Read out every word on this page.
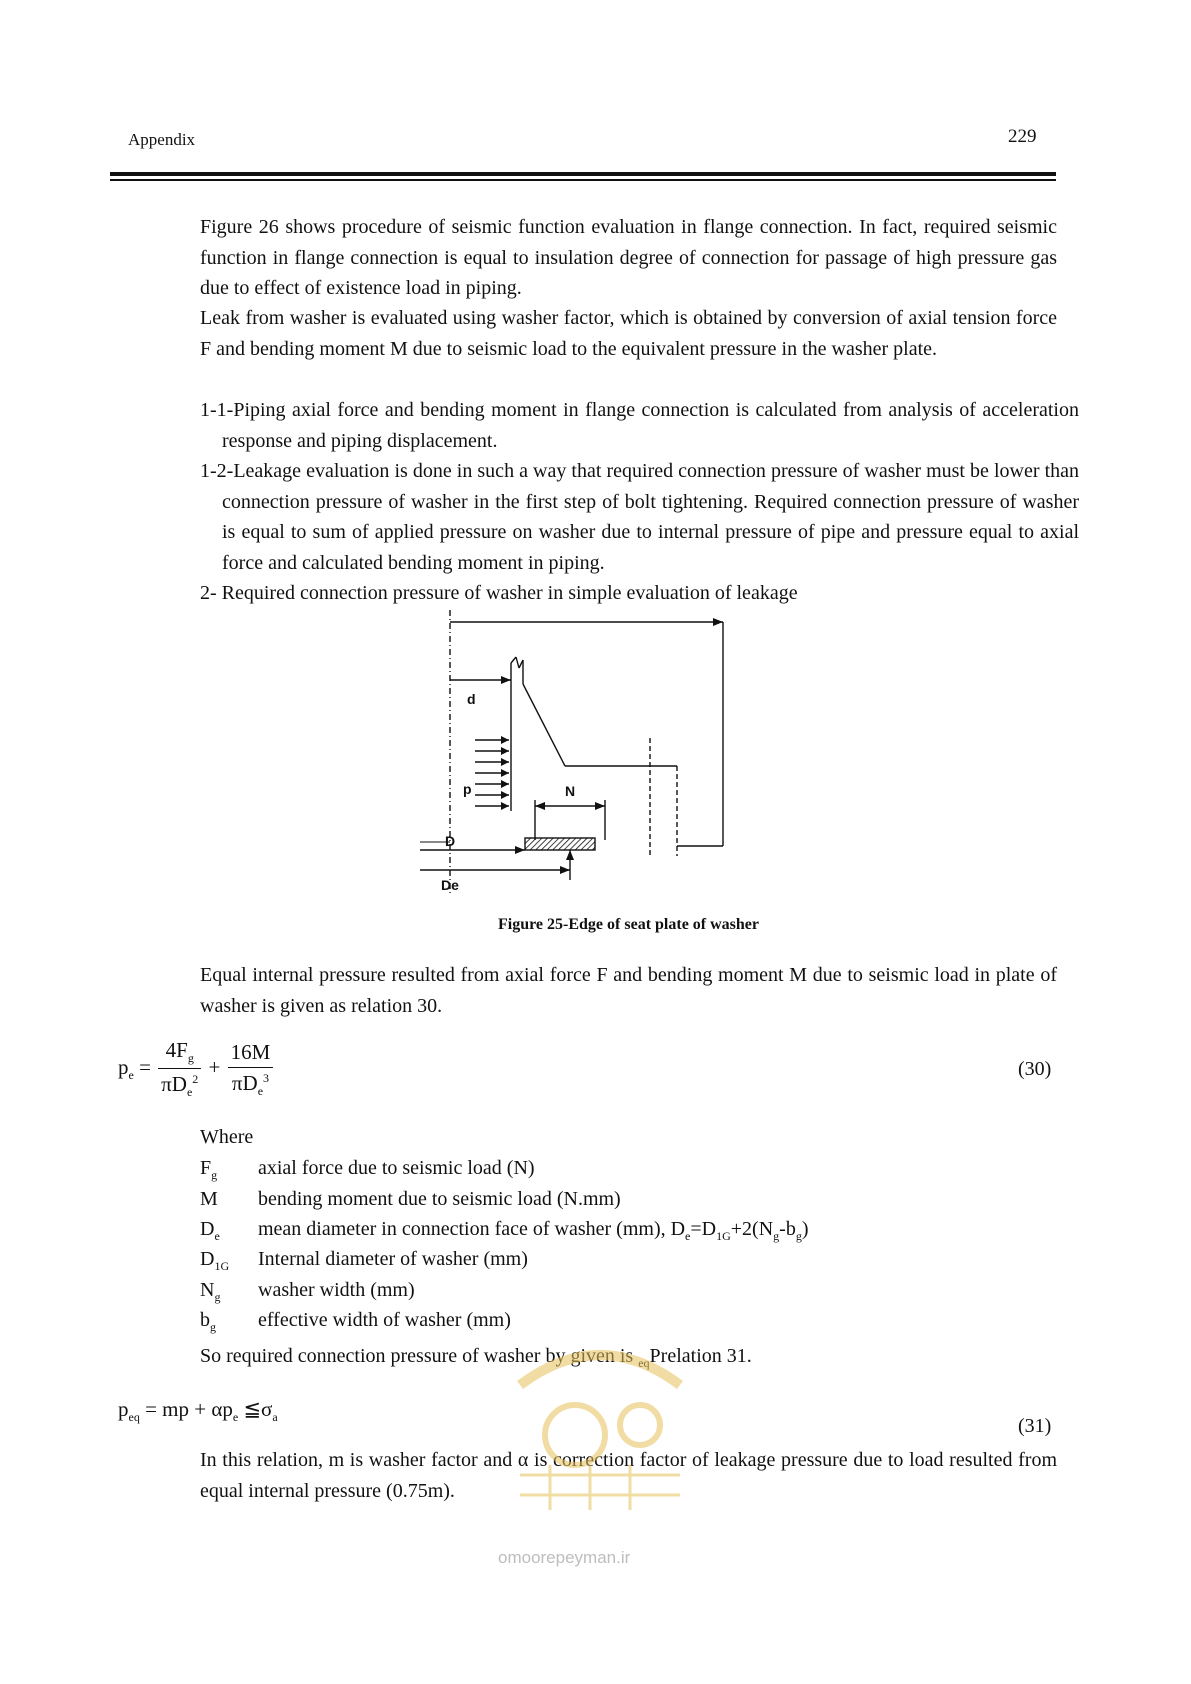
Appendix	229
Figure 26 shows procedure of seismic function evaluation in flange connection. In fact, required seismic function in flange connection is equal to insulation degree of connection for passage of high pressure gas due to effect of existence load in piping.
Leak from washer is evaluated using washer factor, which is obtained by conversion of axial tension force F and bending moment M due to seismic load to the equivalent pressure in the washer plate.
1-1-Piping axial force and bending moment in flange connection is calculated from analysis of acceleration response and piping displacement.
1-2-Leakage evaluation is done in such a way that required connection pressure of washer must be lower than connection pressure of washer in the first step of bolt tightening. Required connection pressure of washer is equal to sum of applied pressure on washer due to internal pressure of pipe and pressure equal to axial force and calculated bending moment in piping.
2- Required connection pressure of washer in simple evaluation of leakage
d
p	N
D
De
Figure 25-Edge of seat plate of washer
Equal internal pressure resulted from axial force F and bending moment M due to seismic load in plate of washer is given as relation 30.
$p_e = \frac{4F_g}{\pi D_e^2} + \frac{16M}{\pi D_e^3}$	(30)
Where
$F_g$ axial force due to seismic load (N)
M bending moment due to seismic load (N.mm)
$D_e$ mean diameter in connection face of washer (mm), $D_e=D_{1G}+2(N_g-b_g)$
$D_{1G}$ Internal diameter of washer (mm)
$N_g$ washer width (mm)
$b_g$ effective width of washer (mm)
So required connection pressure of washer by given is $_{eq}$Prelation 31.
$p_{eq}$ = mp + $\alpha p_e$ $≦\sigma_a$	(31)
In this relation, m is washer factor and α is correction factor of leakage pressure due to load resulted from equal internal pressure (0.75m).
omoorepeyman.ir
